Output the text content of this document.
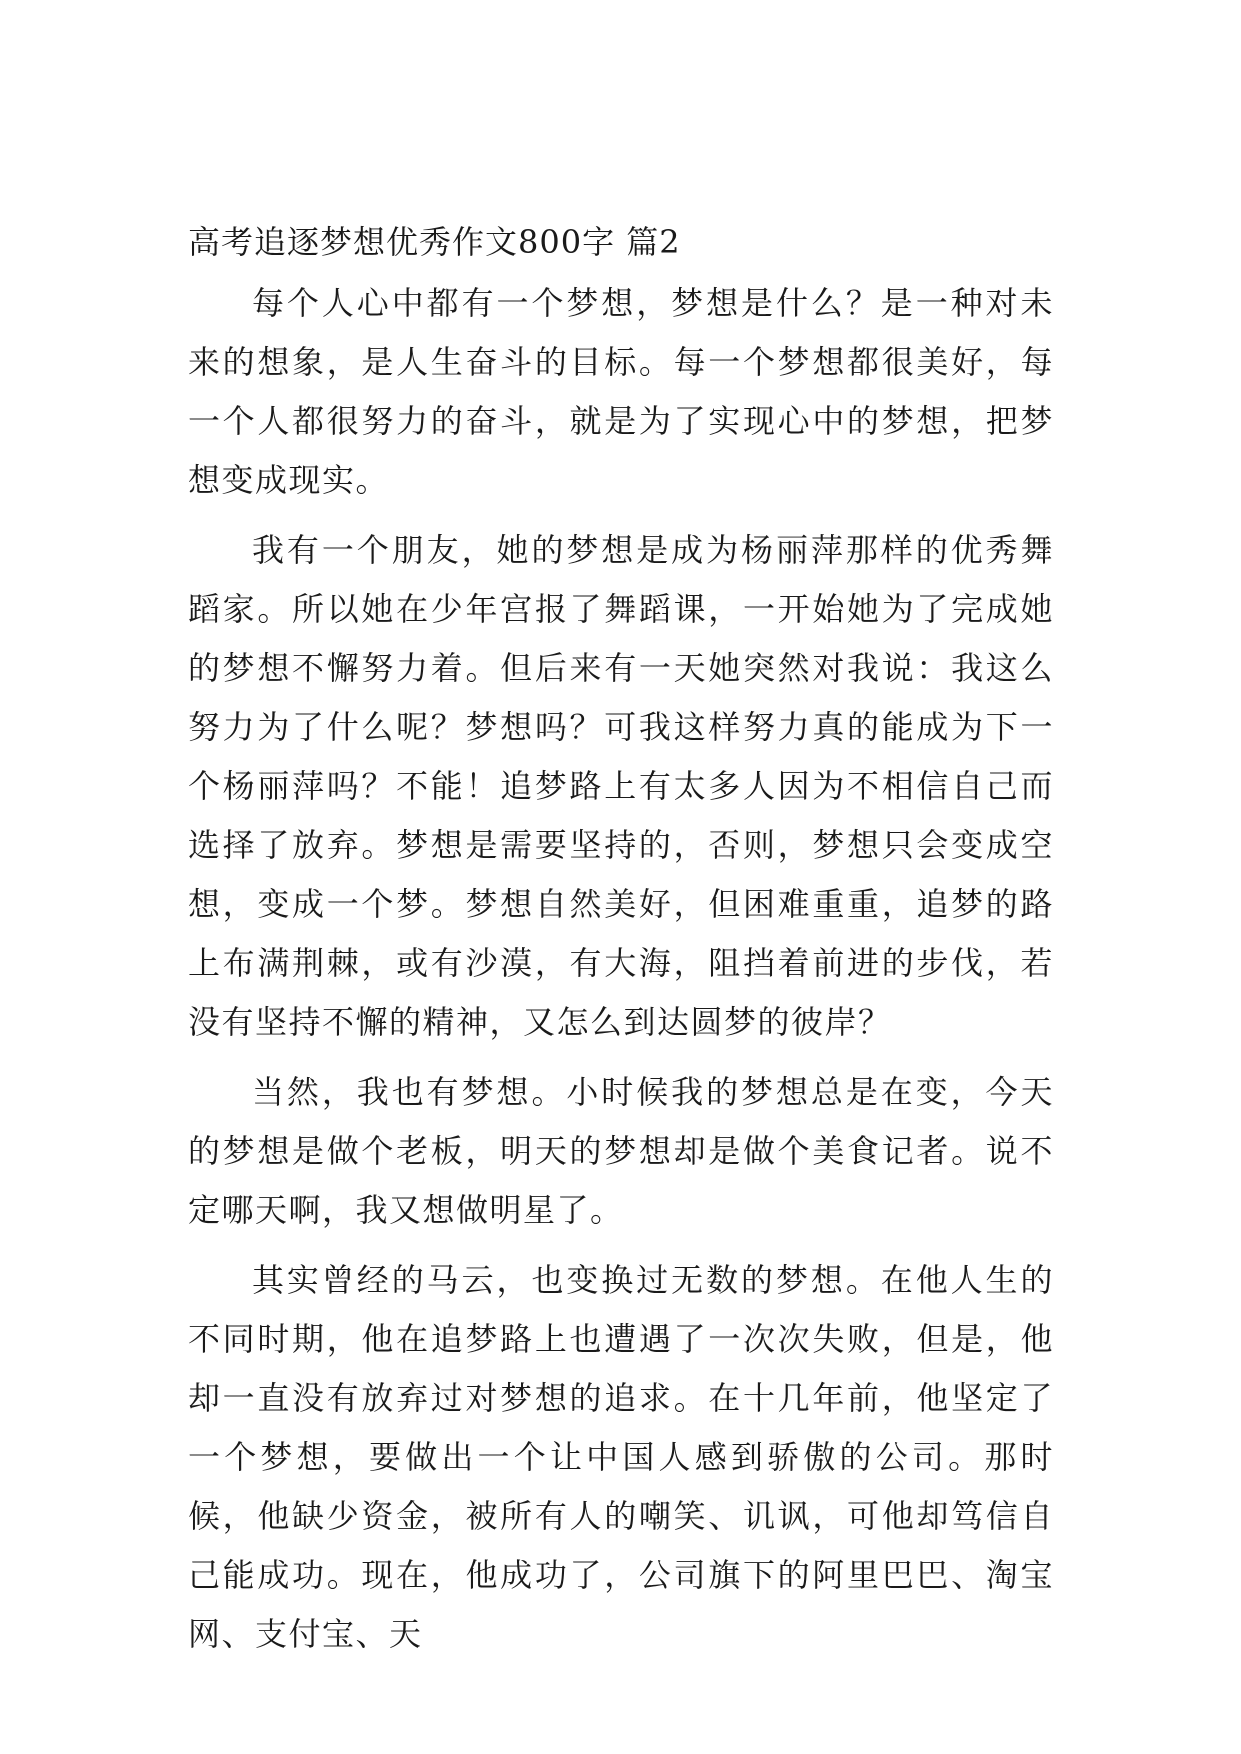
高考追逐梦想优秀作文800字 篇2

每个人心中都有一个梦想，梦想是什么？是一种对未来的想象，是人生奋斗的目标。每一个梦想都很美好，每一个人都很努力的奋斗，就是为了实现心中的梦想，把梦想变成现实。

我有一个朋友，她的梦想是成为杨丽萍那样的优秀舞蹈家。所以她在少年宫报了舞蹈课，一开始她为了完成她的梦想不懈努力着。但后来有一天她突然对我说：我这么努力为了什么呢？梦想吗？可我这样努力真的能成为下一个杨丽萍吗？不能！追梦路上有太多人因为不相信自己而选择了放弃。梦想是需要坚持的，否则，梦想只会变成空想，变成一个梦。梦想自然美好，但困难重重，追梦的路上布满荆棘，或有沙漠，有大海，阻挡着前进的步伐，若没有坚持不懈的精神，又怎么到达圆梦的彼岸？

当然，我也有梦想。小时候我的梦想总是在变，今天的梦想是做个老板，明天的梦想却是做个美食记者。说不定哪天啊，我又想做明星了。

其实曾经的马云，也变换过无数的梦想。在他人生的不同时期，他在追梦路上也遭遇了一次次失败，但是，他却一直没有放弃过对梦想的追求。在十几年前，他坚定了一个梦想，要做出一个让中国人感到骄傲的公司。那时候，他缺少资金，被所有人的嘲笑、讥讽，可他却笃信自己能成功。现在，他成功了，公司旗下的阿里巴巴、淘宝网、支付宝、天
